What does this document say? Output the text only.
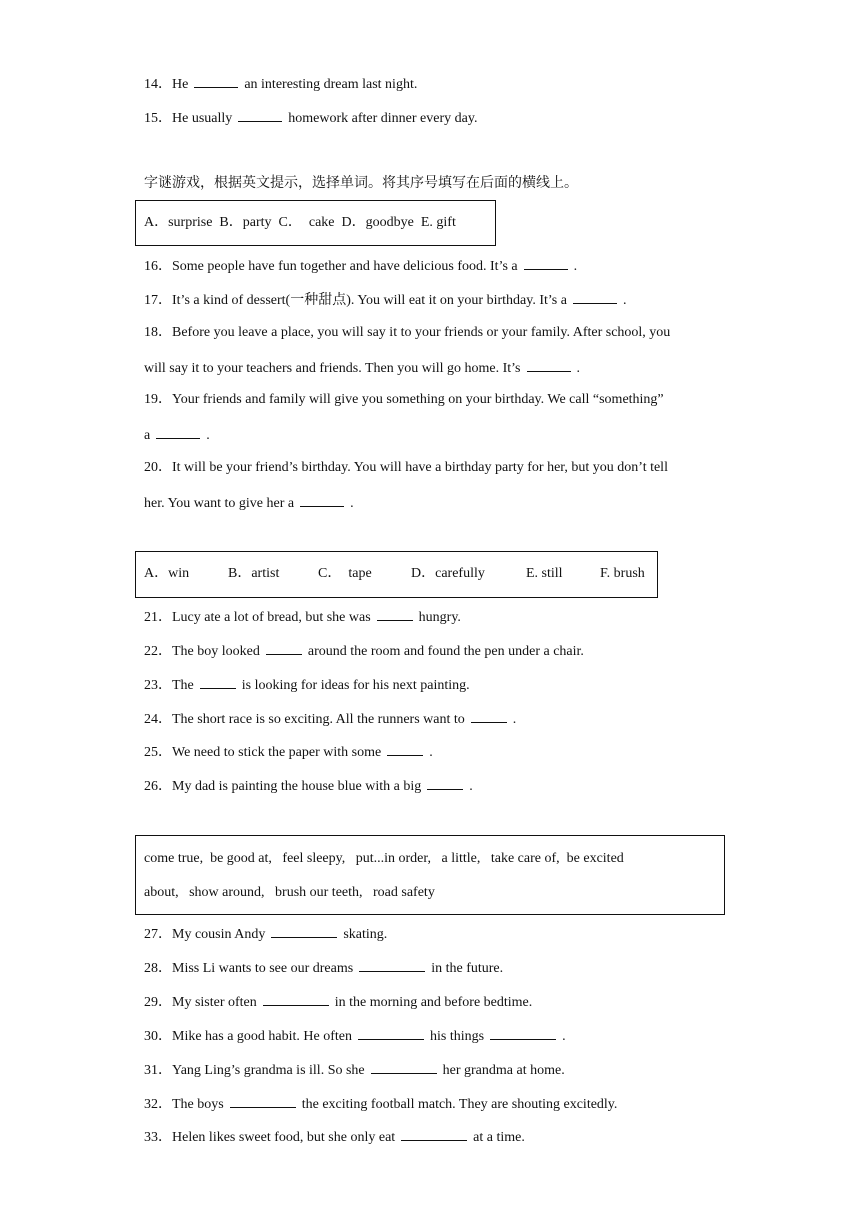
14．He	an interesting dream last night.
15．He usually	homework after dinner every day.
字谜游戏，根据英文提示，选择单词。将其序号填写在后面的横线上。
A．surprise  B．party  C．  cake  D．goodbye  E. gift
16．Some people have fun together and have delicious food. It’s a	.
17．It’s a kind of dessert(一种甜点). You will eat it on your birthday. It’s a	.
18．Before you leave a place, you will say it to your friends or your family. After school, you
will say it to your teachers and friends. Then you will go home. It’s	.
19．Your friends and family will give you something on your birthday. We call “something”
a	.
20．It will be your friend’s birthday. You will have a birthday party for her, but you don’t tell
her. You want to give her a	.
A．win	B．artist	C．  tape	D．carefully	E. still	F. brush
21．Lucy ate a lot of bread, but she was	hungry.
22．The boy looked	around the room and found the pen under a chair.
23．The	is looking for ideas for his next painting.
24．The short race is so exciting. All the runners want to	.
25．We need to stick the paper with some	.
26．My dad is painting the house blue with a big	.
come true,  be good at,   feel sleepy,   put...in order,   a little,   take care of,  be excited
about,   show around,   brush our teeth,   road safety
27．My cousin Andy	skating.
28．Miss Li wants to see our dreams	in the future.
29．My sister often	in the morning and before bedtime.
30．Mike has a good habit. He often	his things	.
31．Yang Ling’s grandma is ill. So she	her grandma at home.
32．The boys	the exciting football match. They are shouting excitedly.
33．Helen likes sweet food, but she only eat	at a time.
